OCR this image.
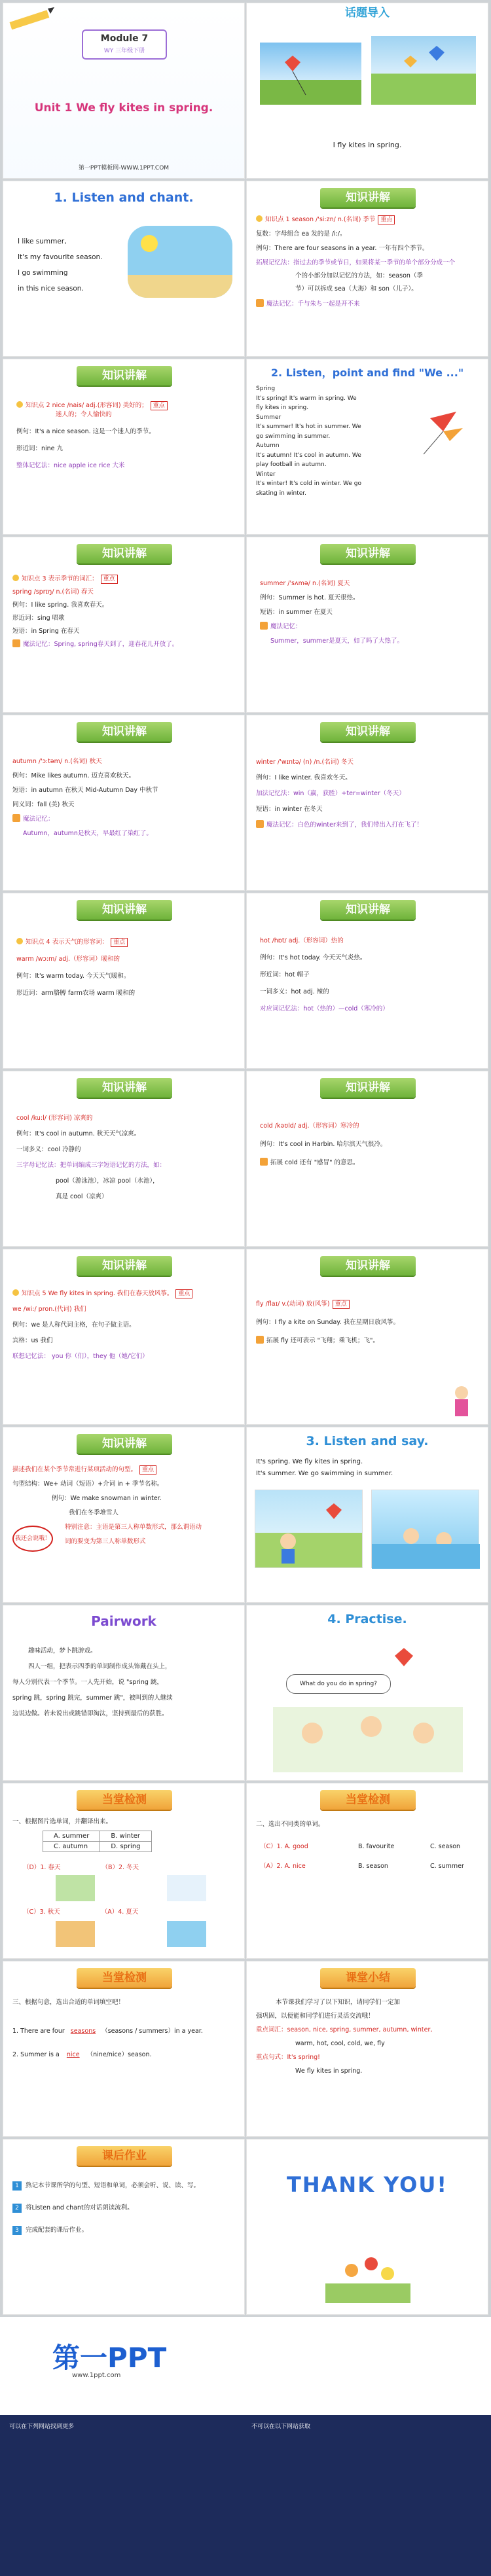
Module 7
WY 三年级下册
Unit 1 We fly kites in spring.
第一PPT模板网-WWW.1PPT.COM
话题导入
I fly kites in spring.
1. Listen and chant.
I like summer,
It's my favourite season.
I go swimming
in this nice season.
知识讲解
知识点 1 season /'si:zn/ n.(名词) 季节 重点
复数：字母组合 ea 发的是 /i:/。
例句：There are four seasons in a year. 一年有四个季节。
拓展记忆法：指过去的季节或节日，如果将某一季节的单个部分分成一个
个的小部分加以记忆的方法，如：season（季
节）可以拆成 sea（大海）和 son（儿子）。
魔法记忆：千与朱ち一起是开不来
知识讲解
知识点 2 nice /nais/ adj.(形容词) 美好的； 重点
迷人的；令人愉快的
例句：It's a nice season. 这是一个迷人的季节。
形近词：nine 九
整体记忆法：nice apple ice rice 大米
2. Listen，point and find "We ..."
Spring
It's spring! It's warm in spring. We
fly kites in spring.
Summer
It's summer! It's hot in summer. We
go swimming in summer.
Autumn
It's autumn! It's cool in autumn. We
play football in autumn.
Winter
It's winter! It's cold in winter. We go
skating in winter.
知识讲解
知识点 3 表示季节的词汇： 重点
spring /sprɪŋ/ n.(名词) 春天
例句：I like spring. 我喜欢春天。
形近词：sing 唱歌
短语：in Spring 在春天
魔法记忆：Spring, spring春天到了，迎春花儿开放了。
知识讲解
summer /'sʌmə/ n.(名词) 夏天
例句：Summer is hot. 夏天很热。
短语：in summer 在夏天
魔法记忆：
Summer，summer是夏天，如了吗了大热了。
知识讲解
autumn /'ɔ:təm/ n.(名词) 秋天
例句：Mike likes autumn. 迈克喜欢秋天。
短语：in autumn 在秋天 Mid-Autumn Day 中秋节
同义词：fall (美) 秋天
魔法记忆：
Autumn，autumn是秋天，早最红了染红了。
知识讲解
winter /'wɪntə/ (n) /n.(名词) 冬天
例句：I like winter. 我喜欢冬天。
加法记忆法：win（赢，获胜）+ter=winter（冬天）
短语：in winter 在冬天
魔法记忆：白色的winter来到了，我们带出入打在飞了！
知识讲解
知识点 4 表示天气的形容词： 重点
warm /wɔ:m/ adj.（形容词）暖和的
例句：It's warm today. 今天天气暖和。
形近词：arm胳膊 farm农场 warm 暖和的
知识讲解
hot /hɒt/ adj.（形容词）热的
例句：It's hot today. 今天天气炎热。
形近词：hot 帽子
一词多义：hot adj. 辣的
对应词记忆法：hot（热的）—cold（寒冷的）
知识讲解
cool /ku:l/ (形容词) 凉爽的
例句：It's cool in autumn. 秋天天气凉爽。
一词多义：cool 冷静的
三字母记忆法：把单词编成三字短语记忆的方法，如：
pool（游泳池），冰凉 pool（水池），
真是 cool（凉爽）
知识讲解
cold /kəʊld/ adj.（形容词）寒冷的
例句：It's cool in Harbin. 哈尔滨天气很冷。
拓展 cold 还有 "感冒" 的意思。
知识讲解
知识点 5 We fly kites in spring. 我们在春天放风筝。 重点
we /wi:/ pron.(代词) 我们
例句：we 是人称代词主格，在句子做主语。
宾格：us 我们
联想记忆法： you 你（们），they 他（她/它们）
知识讲解
fly /flaɪ/ v.(动词) 放(风筝) 重点
例句：I fly a kite on Sunday. 我在星期日放风筝。
拓展 fly 还可表示 "飞翔；乘飞机；飞"。
知识讲解
描述我们在某个季节常进行某项活动的句型。 重点
句型结构：We+ 动词（短语）+介词 in + 季节名称。
例句：We make snowman in winter.
我们在冬季堆雪人
特别注意：主语是第三人称单数形式，那么谓语动
词的要变为第三人称单数形式
我还会说哦！
3. Listen and say.
It's spring. We fly kites in spring.
It's summer. We go swimming in summer.
Pairwork
趣味活动，梦卜跳游戏。
四人一组，把表示四季的单词制作成头饰戴在头上，
每人分别代表一个季节。一人先开始，说 "spring 跳，
spring 跳，spring 跳完，summer 跳"，被叫到的人继续
边说边做。若未说出或跳错即淘汰，坚持到最后的获胜。
4. Practise.
What do you do in spring?
当堂检测
一、根据图片选单词，并翻译出来。
A. summer	B. winter
C. autumn	D. spring
（D）1. 春天	（B）2. 冬天
（C）3. 秋天	（A）4. 夏天
当堂检测
二、选出不同类的单词。
（C）1. A. good	B. favourite	C. season
（A）2. A. nice	B. season	C. summer
当堂检测
三、根据句意，选出合适的单词填空吧！
1. There are four seasons （seasons / summers）in a year.
2. Summer is a nice （nine/nice）season.
课堂小结
本节课我们学习了以下知识，请同学们一定加
强巩固，以便能和同学们进行灵活交流哦！
重点词汇：season, nice, spring, summer, autumn, winter,
warm, hot, cool, cold, we, fly
重点句式：It's spring!
We fly kites in spring.
课后作业
1 熟记本节课所学的句型、短语和单词，必须会听、说、读、写。
2 将Listen and chant的对话朗读流利。
3 完成配套的课后作业。
THANK YOU!
第一PPT
www.1ppt.com
可以在下列网站找到更多	不可以在以下网站获取
